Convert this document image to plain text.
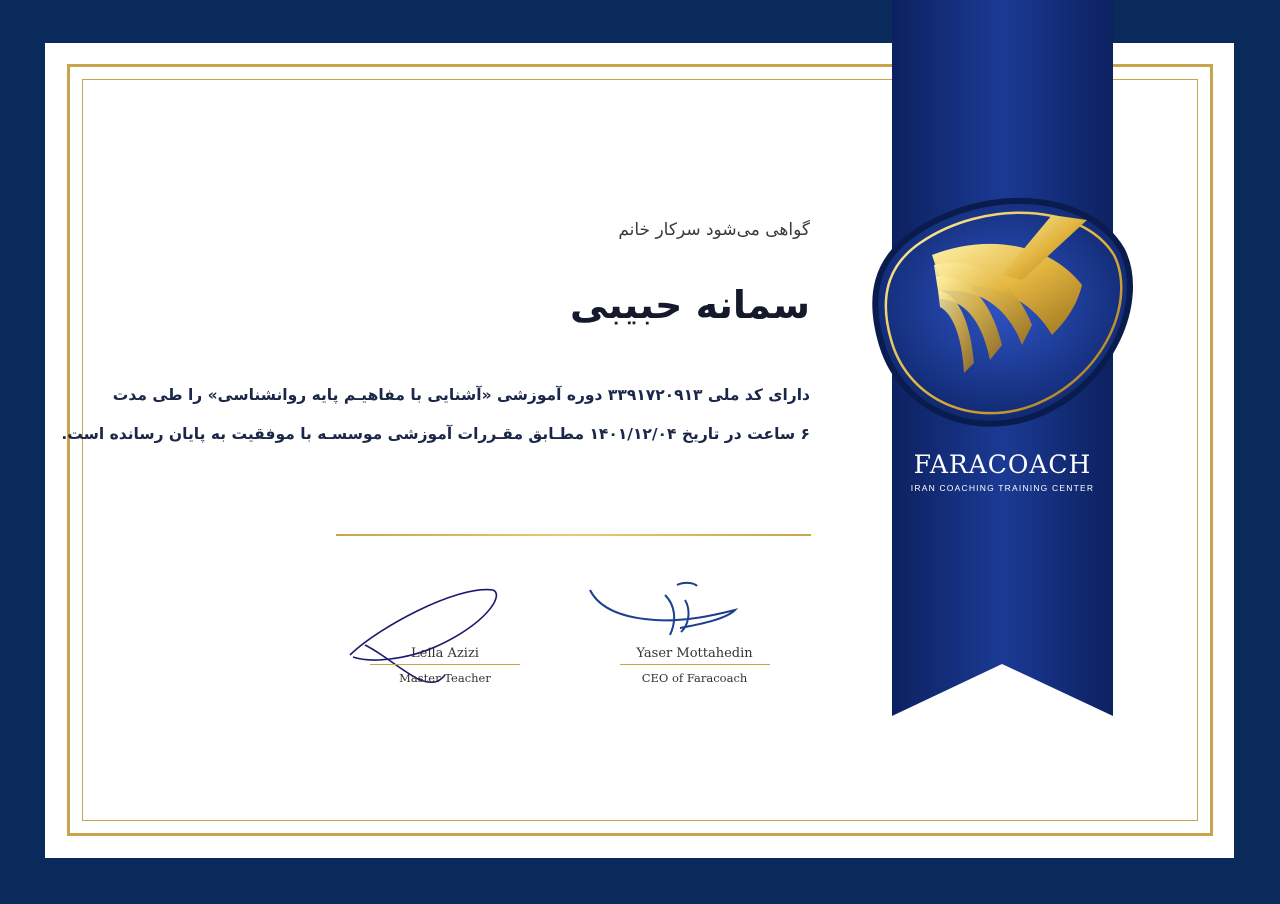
FARACOACH
IRAN COACHING TRAINING CENTER
گواهی می‌شود سرکار خانم
سمانه حبیبی
دارای کد ملی ۳۳۹۱۷۲۰۹۱۳ دوره آموزشی «آشنایی با مفاهیـم پایه روانشناسی» را طی مدت
۶ ساعت در تاریخ ۱۴۰۱/۱۲/۰۴ مطـابق مقـررات آموزشی موسسـه با موفقیت به پایان رسانده است.
Leila Azizi
Master Teacher
Yaser Mottahedin
CEO of Faracoach
